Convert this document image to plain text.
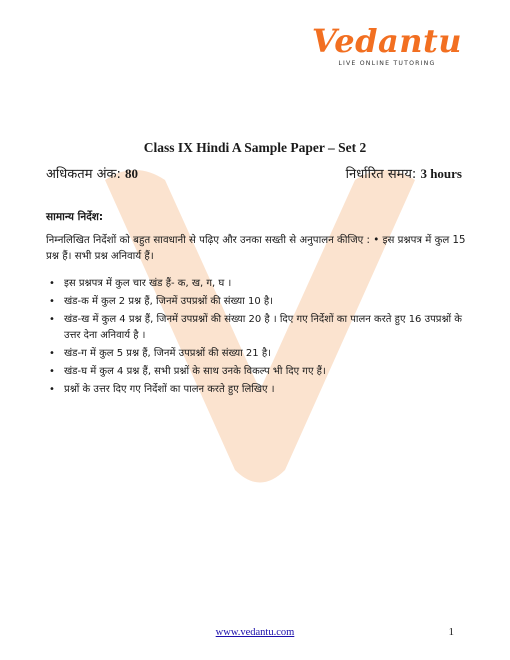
Vedantu
LIVE ONLINE TUTORING
Class IX Hindi A Sample Paper – Set 2
अधिकतम अंक: 80	निर्धारित समय: 3 hours
सामान्य निर्देश:
निम्नलिखित निर्देशों को बहुत सावधानी से पढ़िए और उनका सख्ती से अनुपालन कीजिए : • इस प्रश्नपत्र में कुल 15 प्रश्न हैं। सभी प्रश्न अनिवार्य हैं।
• इस प्रश्नपत्र में कुल चार खंड हैं- क, ख, ग, घ ।
• खंड-क में कुल 2 प्रश्न हैं, जिनमें उपप्रश्नों की संख्या 10 है।
• खंड-ख में कुल 4 प्रश्न हैं, जिनमें उपप्रश्नों की संख्या 20 है । दिए गए निर्देशों का पालन करते हुए 16 उपप्रश्नों के उत्तर देना अनिवार्य है ।
• खंड-ग में कुल 5 प्रश्न हैं, जिनमें उपप्रश्नों की संख्या 21 है।
• खंड-घ में कुल 4 प्रश्न हैं, सभी प्रश्नों के साथ उनके विकल्प भी दिए गए हैं।
• प्रश्नों के उत्तर दिए गए निर्देशों का पालन करते हुए लिखिए ।
www.vedantu.com	1
